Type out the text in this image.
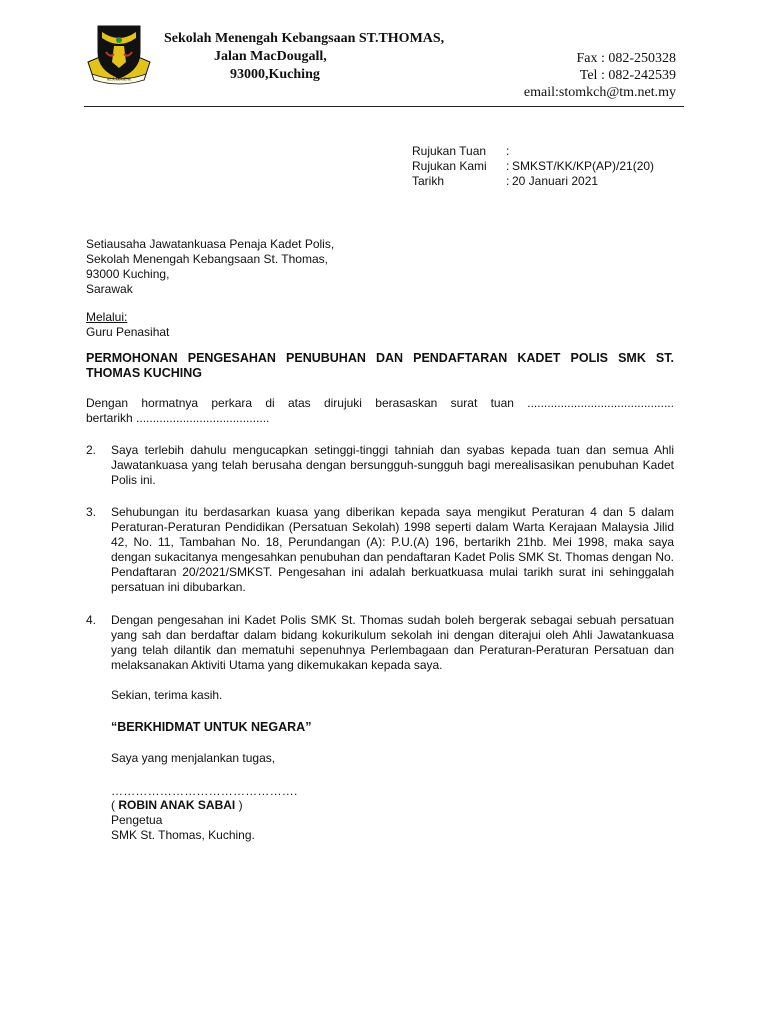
ALA EUGENE
Sekolah Menengah Kebangsaan ST.THOMAS,
Jalan MacDougall,
93000,Kuching
Fax : 082-250328
Tel : 082-242539
email:stomkch@tm.net.my
Rujukan Tuan	:
Rujukan Kami	: SMKST/KK/KP(AP)/21(20)
Tarikh	: 20 Januari 2021
Setiausaha Jawatankuasa Penaja Kadet Polis,
Sekolah Menengah Kebangsaan St. Thomas,
93000 Kuching,
Sarawak
Melalui:
Guru Penasihat
PERMOHONAN PENGESAHAN PENUBUHAN DAN PENDAFTARAN KADET POLIS SMK ST. THOMAS KUCHING
Dengan hormatnya perkara di atas dirujuki berasaskan surat tuan ............................................
bertarikh ........................................
2.	Saya terlebih dahulu mengucapkan setinggi-tinggi tahniah dan syabas kepada tuan dan semua Ahli Jawatankuasa yang telah berusaha dengan bersungguh-sungguh bagi merealisasikan penubuhan Kadet Polis ini.
3.	Sehubungan itu berdasarkan kuasa yang diberikan kepada saya mengikut Peraturan 4 dan 5 dalam Peraturan-Peraturan Pendidikan (Persatuan Sekolah) 1998 seperti dalam Warta Kerajaan Malaysia Jilid 42, No. 11, Tambahan No. 18, Perundangan (A): P.U.(A) 196, bertarikh 21hb. Mei 1998, maka saya dengan sukacitanya mengesahkan penubuhan dan pendaftaran Kadet Polis SMK St. Thomas dengan No. Pendaftaran 20/2021/SMKST. Pengesahan ini adalah berkuatkuasa mulai tarikh surat ini sehinggalah persatuan ini dibubarkan.
4.	Dengan pengesahan ini Kadet Polis SMK St. Thomas sudah boleh bergerak sebagai sebuah persatuan yang sah dan berdaftar dalam bidang kokurikulum sekolah ini dengan diterajui oleh Ahli Jawatankuasa yang telah dilantik dan mematuhi sepenuhnya Perlembagaan dan Peraturan-Peraturan Persatuan dan melaksanakan Aktiviti Utama yang dikemukakan kepada saya.
Sekian, terima kasih.
“BERKHIDMAT UNTUK NEGARA”
Saya yang menjalankan tugas,
……………………………………….
( ROBIN ANAK SABAI )
Pengetua
SMK St. Thomas, Kuching.
